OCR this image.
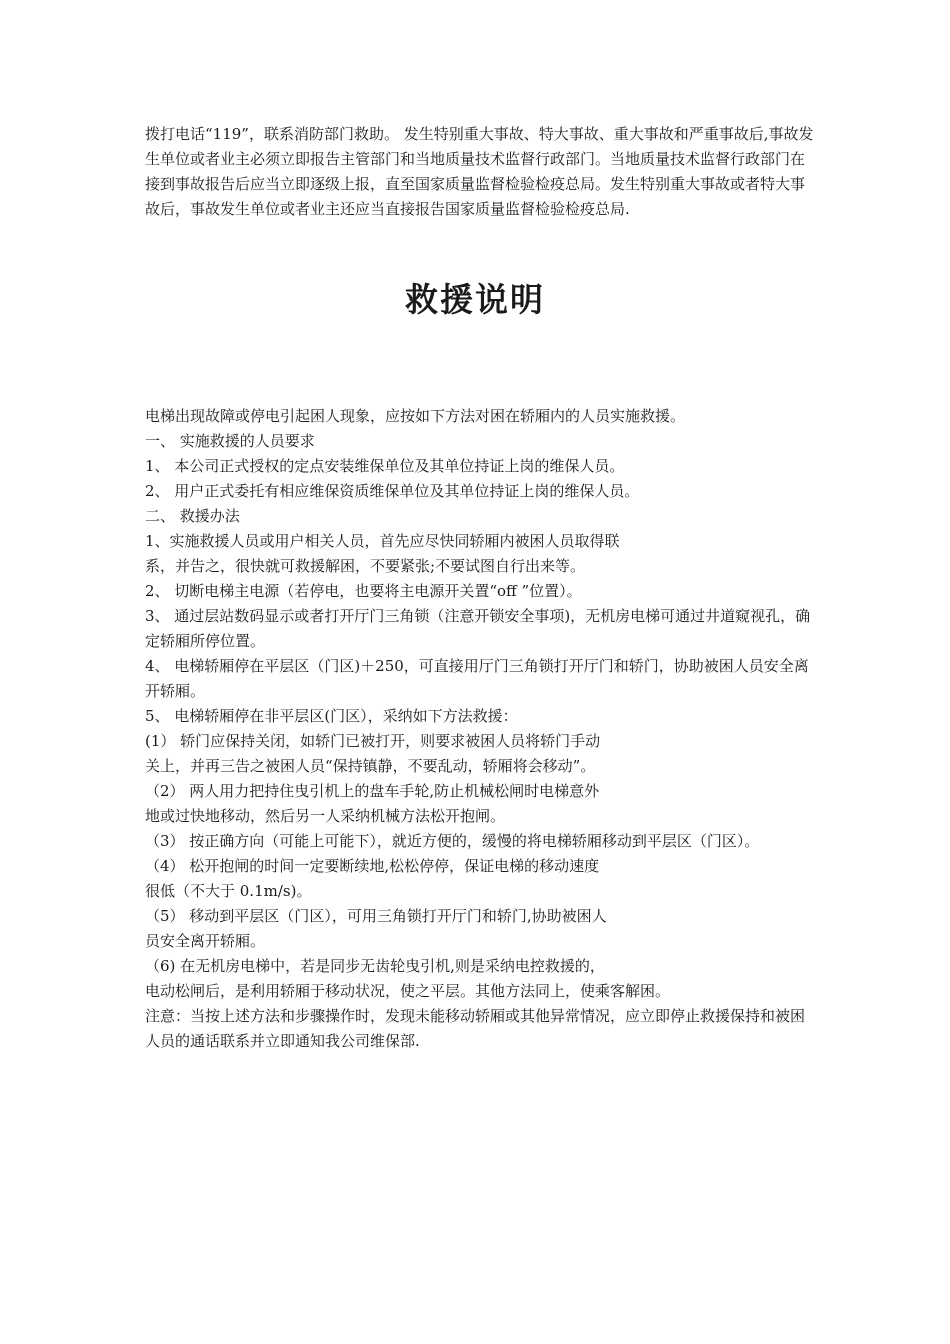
拨打电话“119”，联系消防部门救助。 发生特别重大事故、特大事故、重大事故和严重事故后,事故发生单位或者业主必须立即报告主管部门和当地质量技术监督行政部门。当地质量技术监督行政部门在接到事故报告后应当立即逐级上报，直至国家质量监督检验检疫总局。发生特别重大事故或者特大事故后，事故发生单位或者业主还应当直接报告国家质量监督检验检疫总局.
救援说明
电梯出现故障或停电引起困人现象，应按如下方法对困在轿厢内的人员实施救援。
一、 实施救援的人员要求
1、 本公司正式授权的定点安装维保单位及其单位持证上岗的维保人员。
2、 用户正式委托有相应维保资质维保单位及其单位持证上岗的维保人员。
二、 救援办法
1、实施救援人员或用户相关人员，首先应尽快同轿厢内被困人员取得联
系，并告之，很快就可救援解困，不要紧张;不要试图自行出来等。
2、 切断电梯主电源（若停电，也要将主电源开关置“off ”位置）。
3、 通过层站数码显示或者打开厅门三角锁（注意开锁安全事项)，无机房电梯可通过井道窥视孔，确定轿厢所停位置。
4、 电梯轿厢停在平层区（门区)＋250，可直接用厅门三角锁打开厅门和轿门，协助被困人员安全离开轿厢。
5、 电梯轿厢停在非平层区(门区），采纳如下方法救援：
(1） 轿门应保持关闭，如轿门已被打开，则要求被困人员将轿门手动
关上，并再三告之被困人员“保持镇静，不要乱动，轿厢将会移动”。
（2） 两人用力把持住曳引机上的盘车手轮,防止机械松闸时电梯意外
地或过快地移动，然后另一人采纳机械方法松开抱闸。
（3） 按正确方向（可能上可能下），就近方便的，缓慢的将电梯轿厢移动到平层区（门区）。
（4） 松开抱闸的时间一定要断续地,松松停停，保证电梯的移动速度
很低（不大于 0.1m/s)。
（5） 移动到平层区（门区），可用三角锁打开厅门和轿门,协助被困人
员安全离开轿厢。
（6) 在无机房电梯中，若是同步无齿轮曳引机,则是采纳电控救援的，
电动松闸后，是利用轿厢于移动状况，使之平层。其他方法同上，使乘客解困。
注意：当按上述方法和步骤操作时，发现未能移动轿厢或其他异常情况，应立即停止救援保持和被困人员的通话联系并立即通知我公司维保部.
